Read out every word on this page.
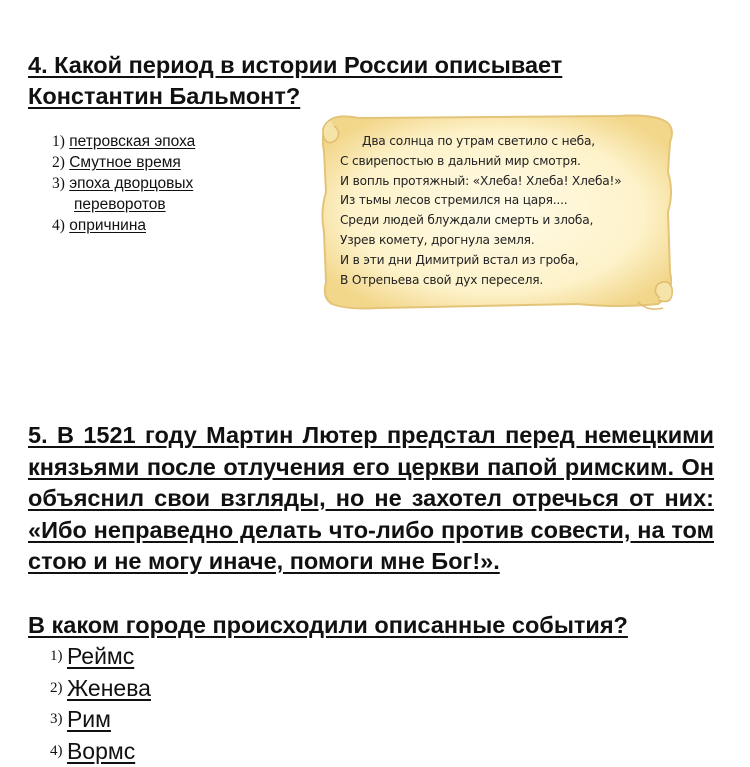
4. Какой период в истории России описывает
Константин Бальмонт?
1) петровская эпоха
2) Смутное время
3) эпоха дворцовых
переворотов
4) опричнина
Два солнца по утрам светило с неба,
С свирепостью в дальний мир смотря.
И вопль протяжный: «Хлеба! Хлеба! Хлеба!»
Из тьмы лесов стремился на царя....
Среди людей блуждали смерть и злоба,
Узрев комету, дрогнула земля.
И в эти дни Димитрий встал из гроба,
В Отрепьева свой дух переселя.
5. В 1521 году Мартин Лютер предстал перед немецкими князьями после отлучения его церкви папой римским. Он объяснил свои взгляды, но не захотел отречься от них: «Ибо неправедно делать что-либо против совести, на том стою и не могу иначе, помоги мне Бог!».
В каком городе происходили описанные события?
1) Реймс
2) Женева
3) Рим
4) Вормс
